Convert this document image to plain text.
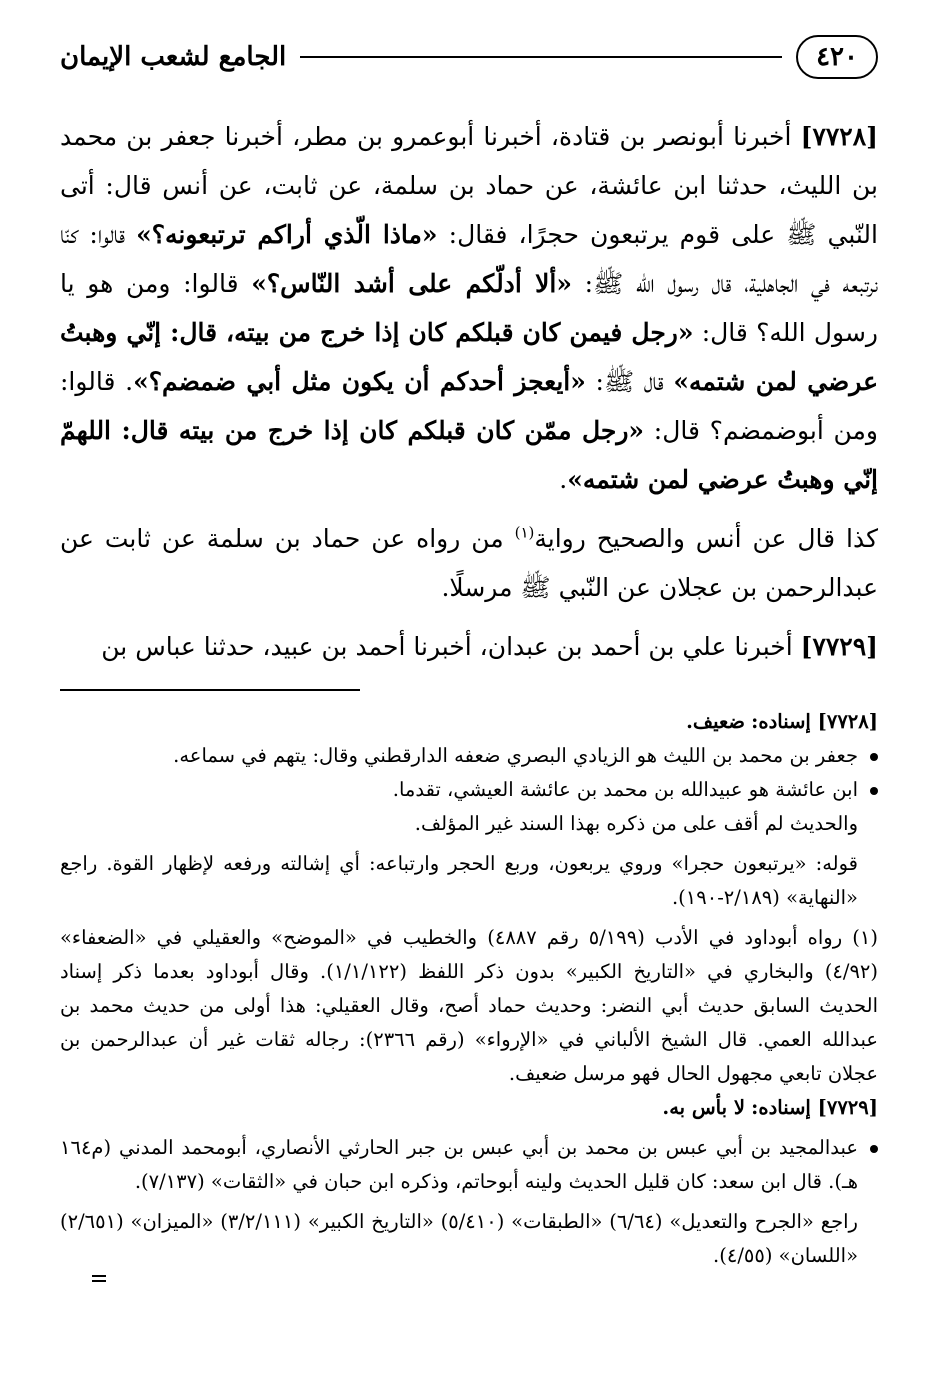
٤٢٠
الجامع لشعب الإيمان

[٧٧٢٨] أخبرنا أبونصر بن قتادة، أخبرنا أبوعمرو بن مطر، أخبرنا جعفر بن محمد بن الليث، حدثنا ابن عائشة، عن حماد بن سلمة، عن ثابت، عن أنس قال: أتى النّبي ﷺ على قوم يرتبعون حجرًا، فقال: «ماذا الّذي أراكم ترتبعونه؟» قالوا: كنّا نرتبعه في الجاهلية، قال رسول الله ﷺ: «ألا أدلّكم على أشد النّاس؟» قالوا: ومن هو يا رسول الله؟ قال: «رجل فيمن كان قبلكم كان إذا خرج من بيته، قال: إنّي وهبتُ عرضي لمن شتمه» قال ﷺ: «أيعجز أحدكم أن يكون مثل أبي ضمضم؟». قالوا: ومن أبوضمضم؟ قال: «رجل ممّن كان قبلكم كان إذا خرج من بيته قال: اللهمّ إنّي وهبتُ عرضي لمن شتمه».

كذا قال عن أنس والصحيح رواية$^{(١)}$ من رواه عن حماد بن سلمة عن ثابت عن عبدالرحمن بن عجلان عن النّبي ﷺ مرسلًا.

[٧٧٢٩] أخبرنا علي بن أحمد بن عبدان، أخبرنا أحمد بن عبيد، حدثنا عباس بن

[٧٧٢٨] إسناده: ضعيف.

جعفر بن محمد بن الليث هو الزيادي البصري ضعفه الدارقطني وقال: يتهم في سماعه.

ابن عائشة هو عبيدالله بن محمد بن عائشة العيشي، تقدما.

والحديث لم أقف على من ذكره بهذا السند غير المؤلف.

قوله: «يرتبعون حجرا» وروي يربعون، وربع الحجر وارتباعه: أي إشالته ورفعه لإظهار القوة. راجع «النهاية» (٢/١٨٩-١٩٠).

(١) رواه أبوداود في الأدب (٥/١٩٩ رقم ٤٨٨٧) والخطيب في «الموضح» والعقيلي في «الضعفاء» (٤/٩٢) والبخاري في «التاريخ الكبير» بدون ذكر اللفظ (١/١/١٢٢). وقال أبوداود بعدما ذكر إسناد الحديث السابق حديث أبي النضر: وحديث حماد أصح، وقال العقيلي: هذا أولى من حديث محمد بن عبدالله العمي. قال الشيخ الألباني في «الإرواء» (رقم ٢٣٦٦): رجاله ثقات غير أن عبدالرحمن بن عجلان تابعي مجهول الحال فهو مرسل ضعيف.

[٧٧٢٩] إسناده: لا بأس به.

عبدالمجيد بن أبي عبس بن محمد بن أبي عبس بن جبر الحارثي الأنصاري، أبومحمد المدني (م١٦٤ هـ). قال ابن سعد: كان قليل الحديث ولينه أبوحاتم، وذكره ابن حبان في «الثقات» (٧/١٣٧).

راجع «الجرح والتعديل» (٦/٦٤) «الطبقات» (٥/٤١٠) «التاريخ الكبير» (٣/٢/١١١) «الميزان» (٢/٦٥١) «اللسان» (٤/٥٥).
